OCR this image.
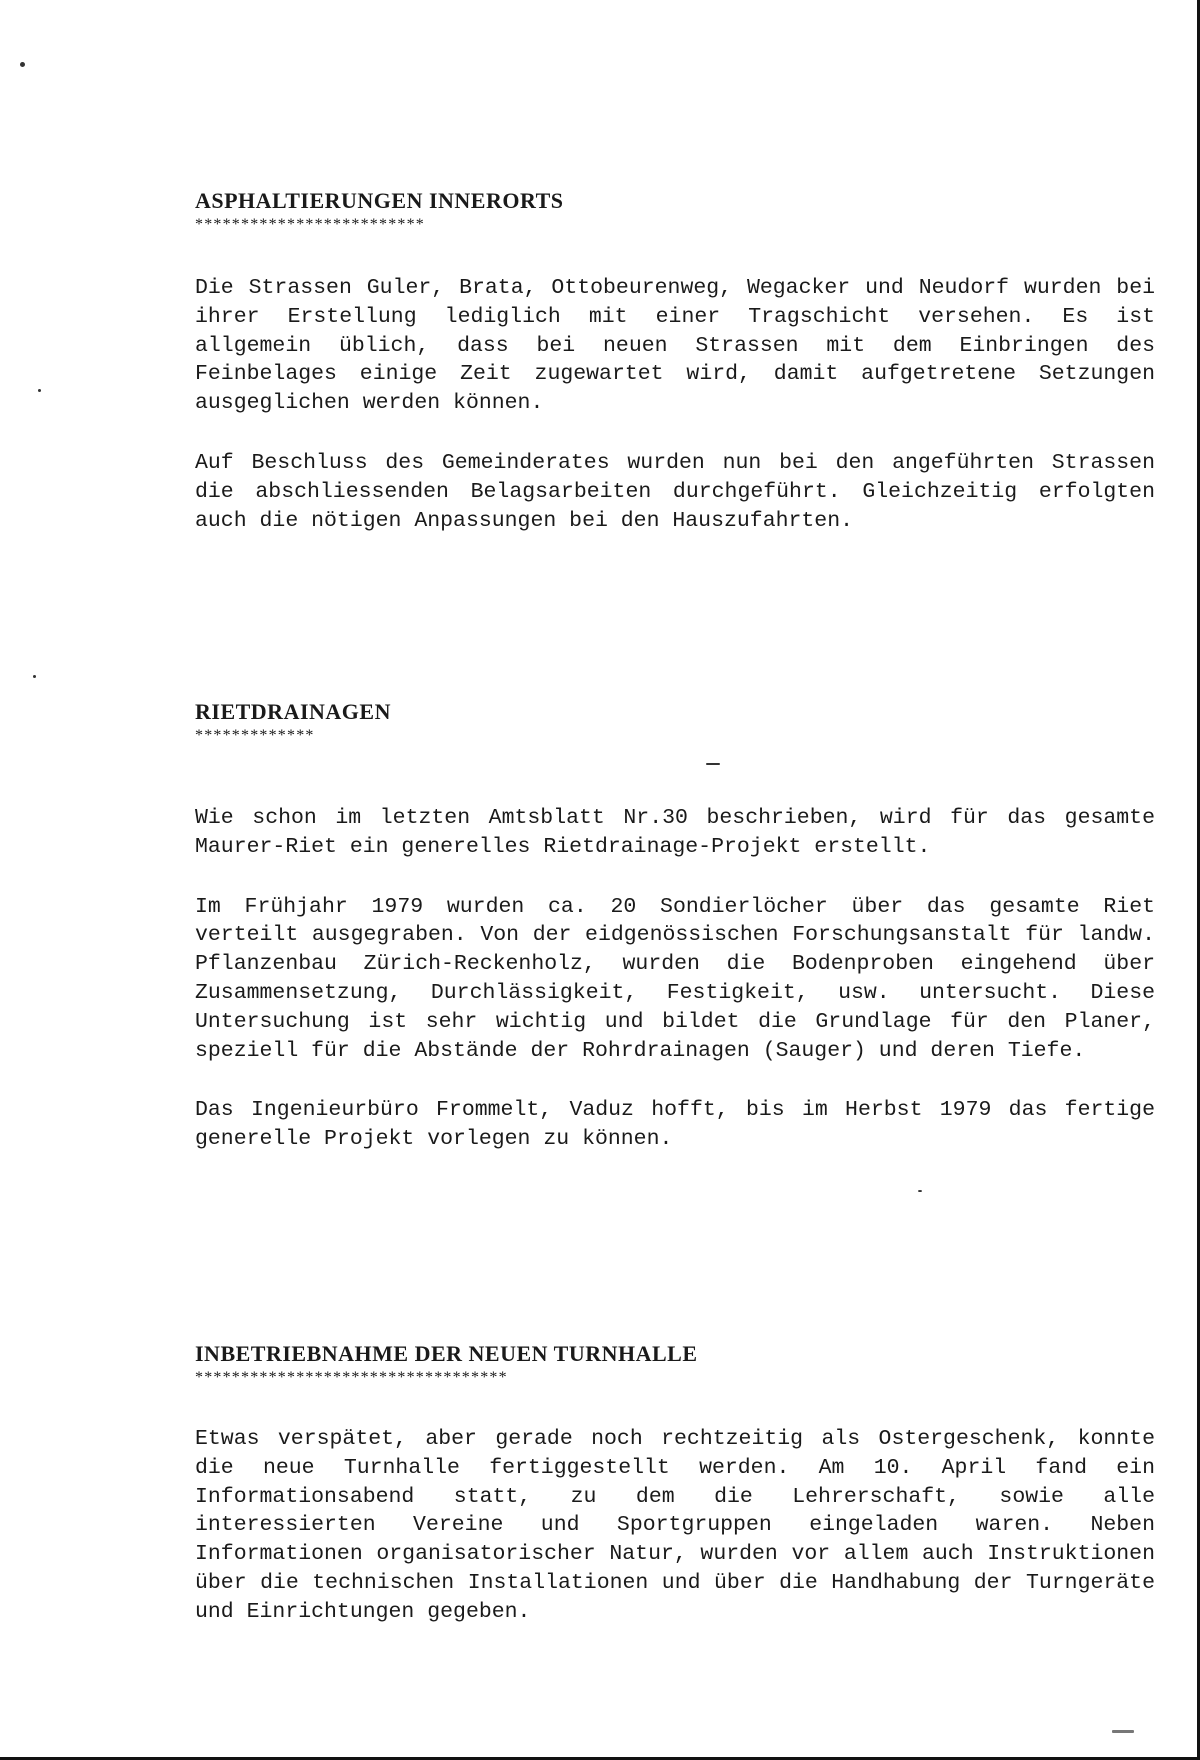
ASPHALTIERUNGEN INNERORTS
*************************

Die Strassen Guler, Brata, Ottobeurenweg, Wegacker und Neudorf wurden bei ihrer Erstellung lediglich mit einer Tragschicht versehen. Es ist allgemein üblich, dass bei neuen Strassen mit dem Einbringen des Feinbelages einige Zeit zugewartet wird, damit aufgetretene Setzungen ausgeglichen werden können.

Auf Beschluss des Gemeinderates wurden nun bei den angeführten Strassen die abschliessenden Belagsarbeiten durchgeführt. Gleichzeitig erfolgten auch die nötigen Anpassungen bei den Hauszufahrten.

RIETDRAINAGEN
*************

Wie schon im letzten Amtsblatt Nr.30 beschrieben, wird für das gesamte Maurer-Riet ein generelles Rietdrainage-Projekt erstellt.

Im Frühjahr 1979 wurden ca. 20 Sondierlöcher über das gesamte Riet verteilt ausgegraben. Von der eidgenössischen Forschungsanstalt für landw. Pflanzenbau Zürich-Reckenholz, wurden die Bodenproben eingehend über Zusammensetzung, Durchlässigkeit, Festigkeit, usw. untersucht. Diese Untersuchung ist sehr wichtig und bildet die Grundlage für den Planer, speziell für die Abstände der Rohrdrainagen (Sauger) und deren Tiefe.

Das Ingenieurbüro Frommelt, Vaduz hofft, bis im Herbst 1979 das fertige generelle Projekt vorlegen zu können.

INBETRIEBNAHME DER NEUEN TURNHALLE
**********************************

Etwas verspätet, aber gerade noch rechtzeitig als Ostergeschenk, konnte die neue Turnhalle fertiggestellt werden. Am 10. April fand ein Informationsabend statt, zu dem die Lehrerschaft, sowie alle interessierten Vereine und Sportgruppen eingeladen waren. Neben Informationen organisatorischer Natur, wurden vor allem auch Instruktionen über die technischen Installationen und über die Handhabung der Turngeräte und Einrichtungen gegeben.
